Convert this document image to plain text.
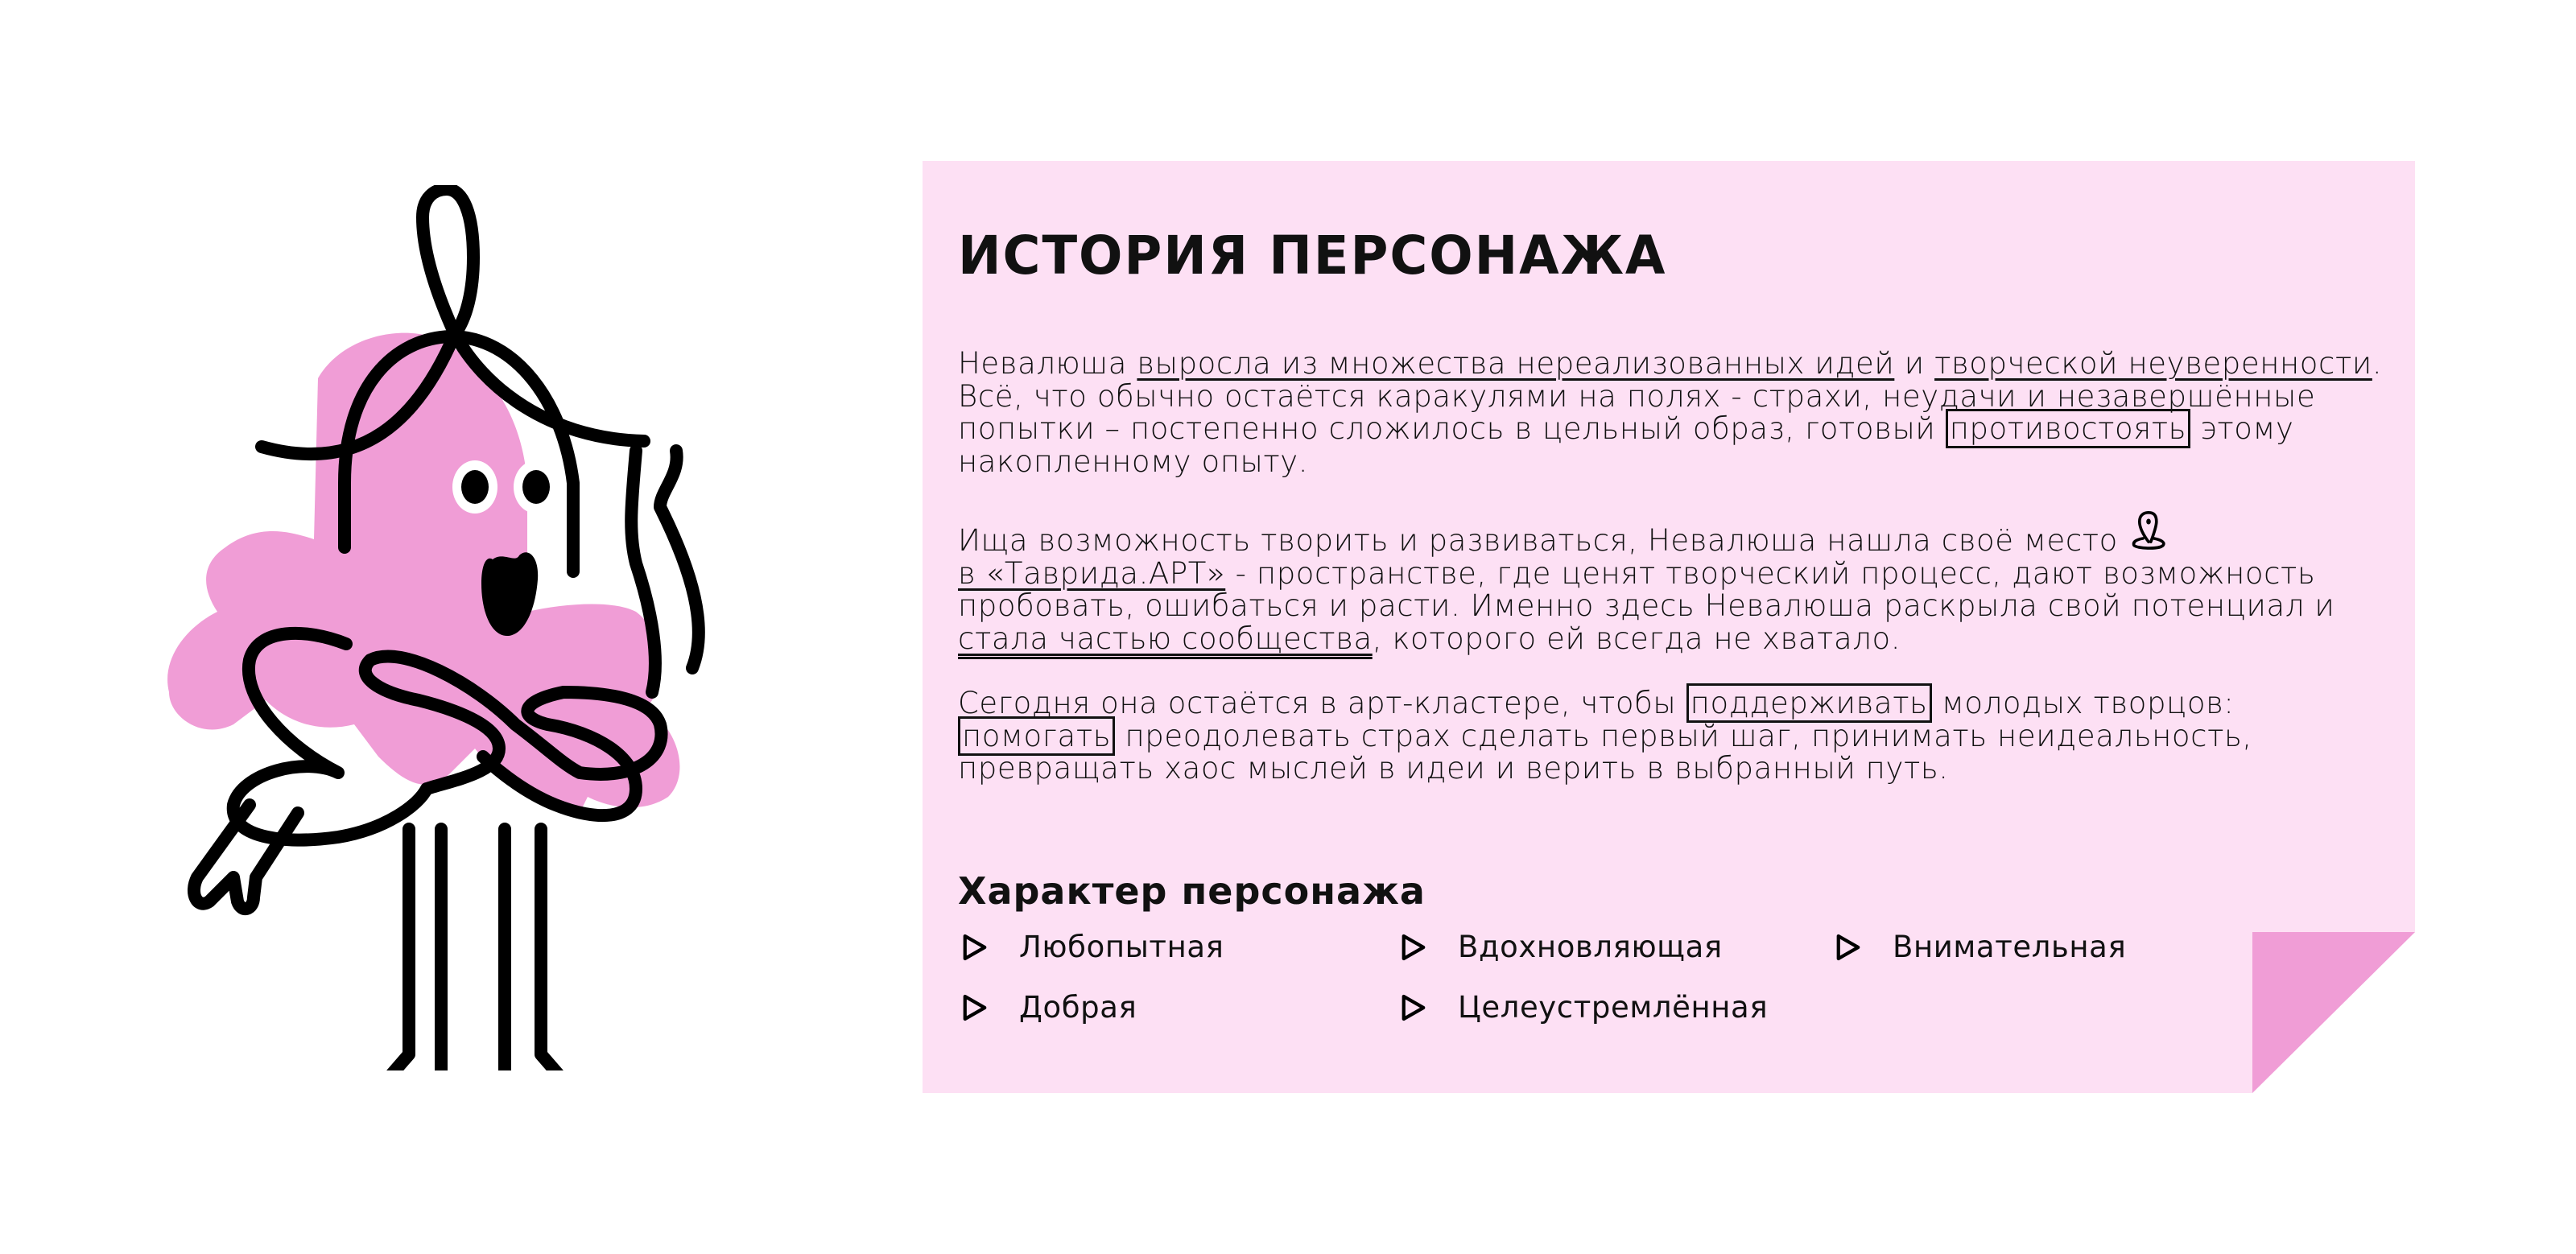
ИСТОРИЯ ПЕРСОНАЖА

Невалюша выросла из множества нереализованных идей и творческой неуверенности. Всё, что обычно остаётся каракулями на полях - страхи, неудачи и незавершённые попытки – постепенно сложилось в цельный образ, готовый противостоять этому накопленному опыту.

Ища возможность творить и развиваться, Невалюша нашла своё место
в «Таврида.АРТ» - пространстве, где ценят творческий процесс, дают возможность пробовать, ошибаться и расти. Именно здесь Невалюша раскрыла свой потенциал и стала частью сообщества, которого ей всегда не хватало.

Сегодня она остаётся в арт-кластере, чтобы поддерживать молодых творцов: помогать преодолевать страх сделать первый шаг, принимать неидеальность, превращать хаос мыслей в идеи и верить в выбранный путь.

Характер персонажа
Любопытная	Вдохновляющая	Внимательная
Добрая	Целеустремлённая
